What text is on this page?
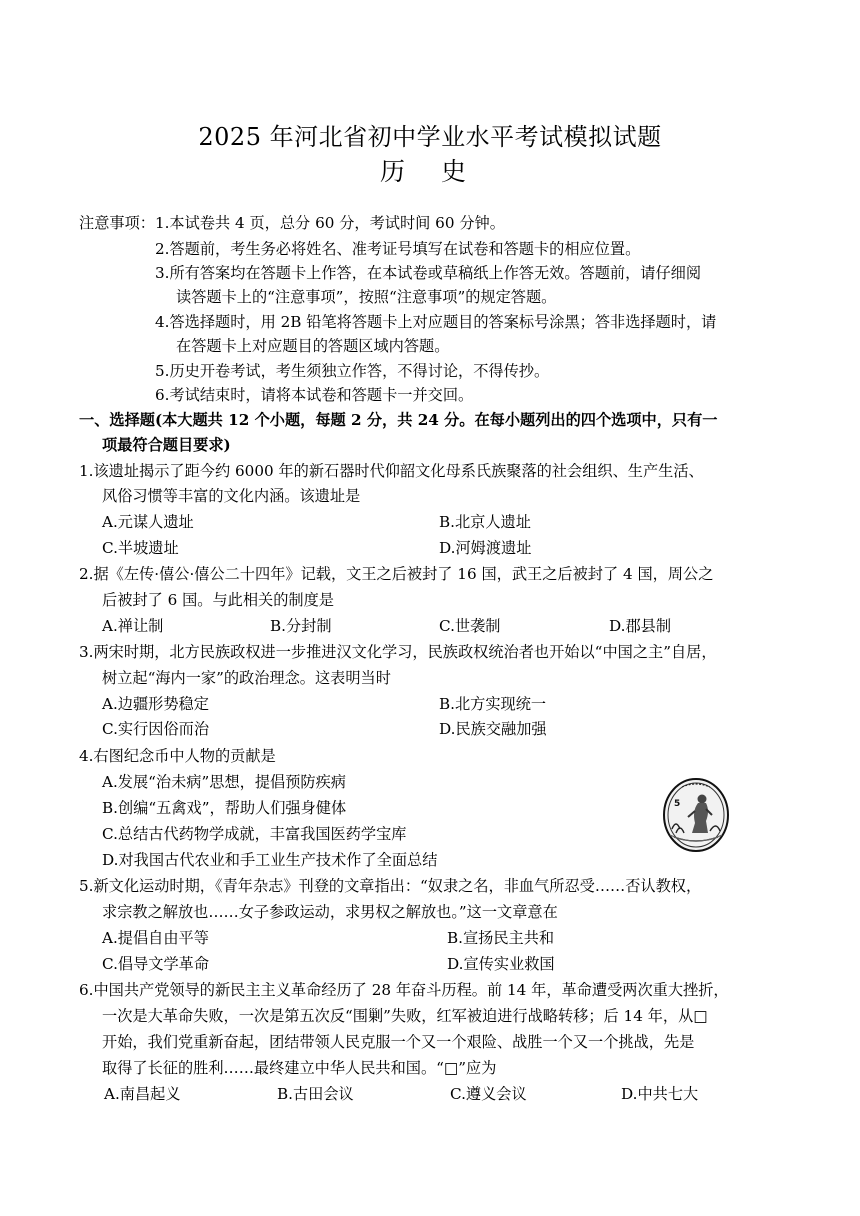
2025 年河北省初中学业水平考试模拟试题
历 史
注意事项：1.本试卷共 4 页，总分 60 分，考试时间 60 分钟。
2.答题前，考生务必将姓名、准考证号填写在试卷和答题卡的相应位置。
3.所有答案均在答题卡上作答，在本试卷或草稿纸上作答无效。答题前，请仔细阅
读答题卡上的“注意事项”，按照“注意事项”的规定答题。
4.答选择题时，用 2B 铅笔将答题卡上对应题目的答案标号涂黑；答非选择题时，请
在答题卡上对应题目的答题区域内答题。
5.历史开卷考试，考生须独立作答，不得讨论，不得传抄。
6.考试结束时，请将本试卷和答题卡一并交回。
一、选择题(本大题共 12 个小题，每题 2 分，共 24 分。在每小题列出的四个选项中，只有一
项最符合题目要求)
1.该遗址揭示了距今约 6000 年的新石器时代仰韶文化母系氏族聚落的社会组织、生产生活、
风俗习惯等丰富的文化内涵。该遗址是
A.元谋人遗址	B.北京人遗址
C.半坡遗址	D.河姆渡遗址
2.据《左传·僖公·僖公二十四年》记载，文王之后被封了 16 国，武王之后被封了 4 国，周公之
后被封了 6 国。与此相关的制度是
A.禅让制	B.分封制	C.世袭制	D.郡县制
3.两宋时期，北方民族政权进一步推进汉文化学习，民族政权统治者也开始以“中国之主”自居，
树立起“海内一家”的政治理念。这表明当时
A.边疆形势稳定	B.北方实现统一
C.实行因俗而治	D.民族交融加强
4.右图纪念币中人物的贡献是
A.发展“治未病”思想，提倡预防疾病
B.创编“五禽戏”，帮助人们强身健体
C.总结古代药物学成就，丰富我国医药学宝库
D.对我国古代农业和手工业生产技术作了全面总结
5
5.新文化运动时期，《青年杂志》刊登的文章指出：“奴隶之名，非血气所忍受……否认教权，
求宗教之解放也……女子参政运动，求男权之解放也。”这一文章意在
A.提倡自由平等	B.宣扬民主共和
C.倡导文学革命	D.宣传实业救国
6.中国共产党领导的新民主主义革命经历了 28 年奋斗历程。前 14 年，革命遭受两次重大挫折，
一次是大革命失败，一次是第五次反“围剿”失败，红军被迫进行战略转移；后 14 年，从□
开始，我们党重新奋起，团结带领人民克服一个又一个艰险、战胜一个又一个挑战，先是
取得了长征的胜利……最终建立中华人民共和国。“□”应为
A.南昌起义	B.古田会议	C.遵义会议	D.中共七大
